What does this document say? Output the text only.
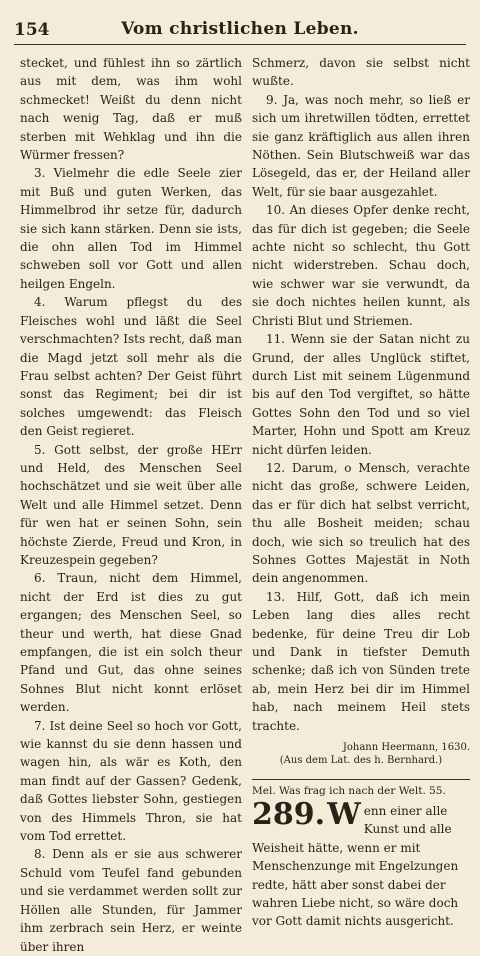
154	Vom christlichen Leben.

stecket, und fühlest ihn so zärtlich aus mit dem, was ihm wohl schmecket! Weißt du denn nicht nach wenig Tag, daß er muß sterben mit Wehklag und ihn die Würmer fressen?

3. Vielmehr die edle Seele zier mit Buß und guten Werken, das Himmelbrod ihr setze für, dadurch sie sich kann stärken. Denn sie ists, die ohn allen Tod im Himmel schweben soll vor Gott und allen heilgen Engeln.

4. Warum pflegst du des Fleisches wohl und läßt die Seel verschmachten? Ists recht, daß man die Magd jetzt soll mehr als die Frau selbst achten? Der Geist führt sonst das Regiment; bei dir ist solches umgewendt: das Fleisch den Geist regieret.

5. Gott selbst, der große HErr und Held, des Menschen Seel hochschätzet und sie weit über alle Welt und alle Himmel setzet. Denn für wen hat er seinen Sohn, sein höchste Zierde, Freud und Kron, in Kreuzespein gegeben?

6. Traun, nicht dem Himmel, nicht der Erd ist dies zu gut ergangen; des Menschen Seel, so theur und werth, hat diese Gnad empfangen, die ist ein solch theur Pfand und Gut, das ohne seines Sohnes Blut nicht konnt erlöset werden.

7. Ist deine Seel so hoch vor Gott, wie kannst du sie denn hassen und wagen hin, als wär es Koth, den man findt auf der Gassen? Gedenk, daß Gottes liebster Sohn, gestiegen von des Himmels Thron, sie hat vom Tod errettet.

8. Denn als er sie aus schwerer Schuld vom Teufel fand gebunden und sie verdammet werden sollt zur Höllen alle Stunden, für Jammer ihm zerbrach sein Herz, er weinte über ihren

Schmerz, davon sie selbst nicht wußte.

9. Ja, was noch mehr, so ließ er sich um ihretwillen tödten, errettet sie ganz kräftiglich aus allen ihren Nöthen. Sein Blutschweiß war das Lösegeld, das er, der Heiland aller Welt, für sie baar ausgezahlet.

10. An dieses Opfer denke recht, das für dich ist gegeben; die Seele achte nicht so schlecht, thu Gott nicht widerstreben. Schau doch, wie schwer war sie verwundt, da sie doch nichtes heilen kunnt, als Christi Blut und Striemen.

11. Wenn sie der Satan nicht zu Grund, der alles Unglück stiftet, durch List mit seinem Lügenmund bis auf den Tod vergiftet, so hätte Gottes Sohn den Tod und so viel Marter, Hohn und Spott am Kreuz nicht dürfen leiden.

12. Darum, o Mensch, verachte nicht das große, schwere Leiden, das er für dich hat selbst verricht, thu alle Bosheit meiden; schau doch, wie sich so treulich hat des Sohnes Gottes Majestät in Noth dein angenommen.

13. Hilf, Gott, daß ich mein Leben lang dies alles recht bedenke, für deine Treu dir Lob und Dank in tiefster Demuth schenke; daß ich von Sünden trete ab, mein Herz bei dir im Himmel hab, nach meinem Heil stets trachte.

Johann Heermann, 1630.
(Aus dem Lat. des h. Bernhard.)
Mel. Was frag ich nach der Welt. 55.
289. W enn einer alle Kunst und alle Weisheit hätte, wenn er mit Menschenzunge mit Engelzungen redte, hätt aber sonst dabei der wahren Liebe nicht, so wäre doch vor Gott damit nichts ausgericht.
